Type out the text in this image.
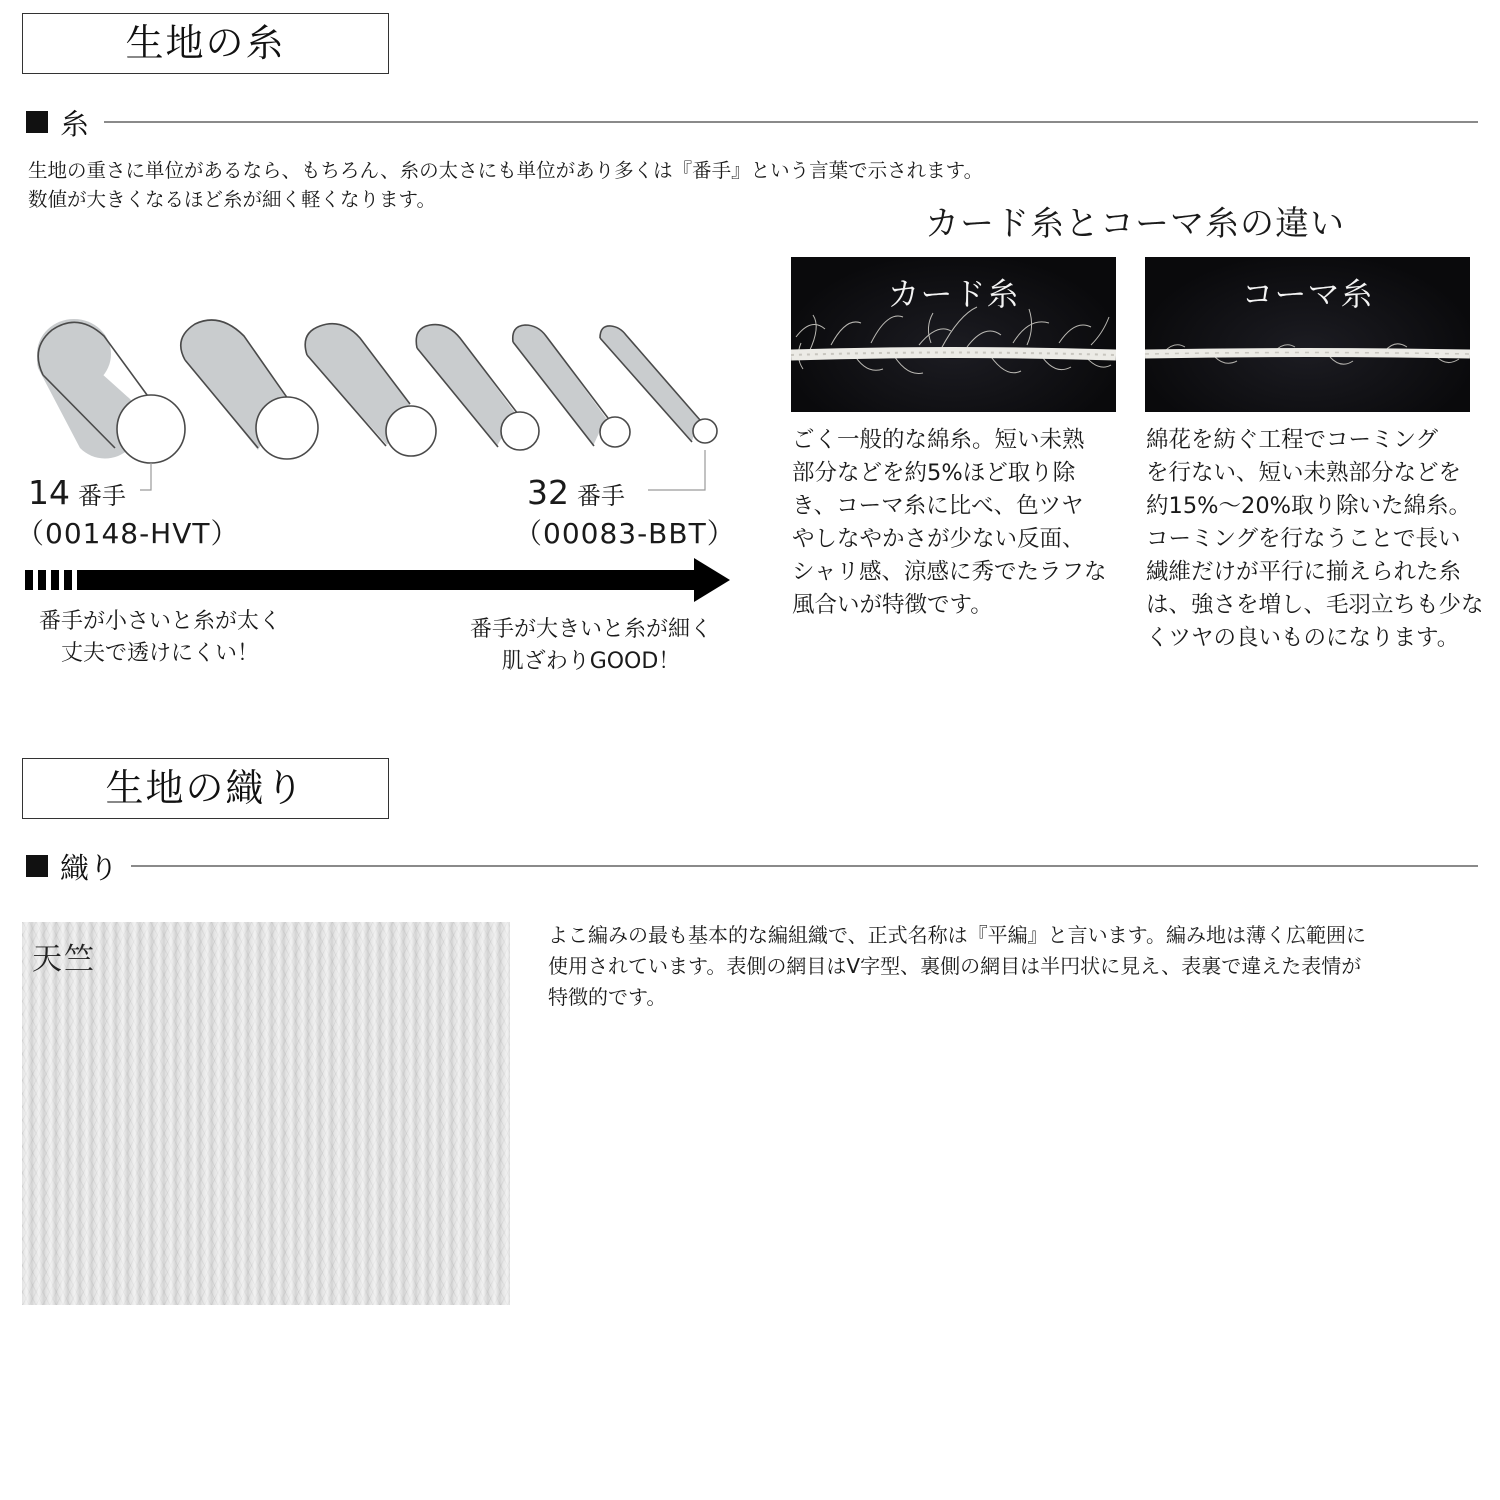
生地の糸
糸
生地の重さに単位があるなら、もちろん、糸の太さにも単位があり多くは『番手』という言葉で示されます。
数値が大きくなるほど糸が細く軽くなります。
14 番手
（00148-HVT）
32 番手
（00083-BBT）
番手が小さいと糸が太く
丈夫で透けにくい！
番手が大きいと糸が細く
肌ざわりGOOD！
カード糸とコーマ糸の違い
カード糸	コーマ糸
ごく一般的な綿糸。短い未熟
部分などを約5%ほど取り除
き、コーマ糸に比べ、色ツヤ
やしなやかさが少ない反面、
シャリ感、涼感に秀でたラフな
風合いが特徴です。
綿花を紡ぐ工程でコーミング
を行ない、短い未熟部分などを
約15%～20%取り除いた綿糸。
コーミングを行なうことで長い
繊維だけが平行に揃えられた糸
は、強さを増し、毛羽立ちも少な
くツヤの良いものになります。
生地の織り
織り
天竺
よこ編みの最も基本的な編組織で、正式名称は『平編』と言います。編み地は薄く広範囲に
使用されています。表側の網目はV字型、裏側の網目は半円状に見え、表裏で違えた表情が
特徴的です。
